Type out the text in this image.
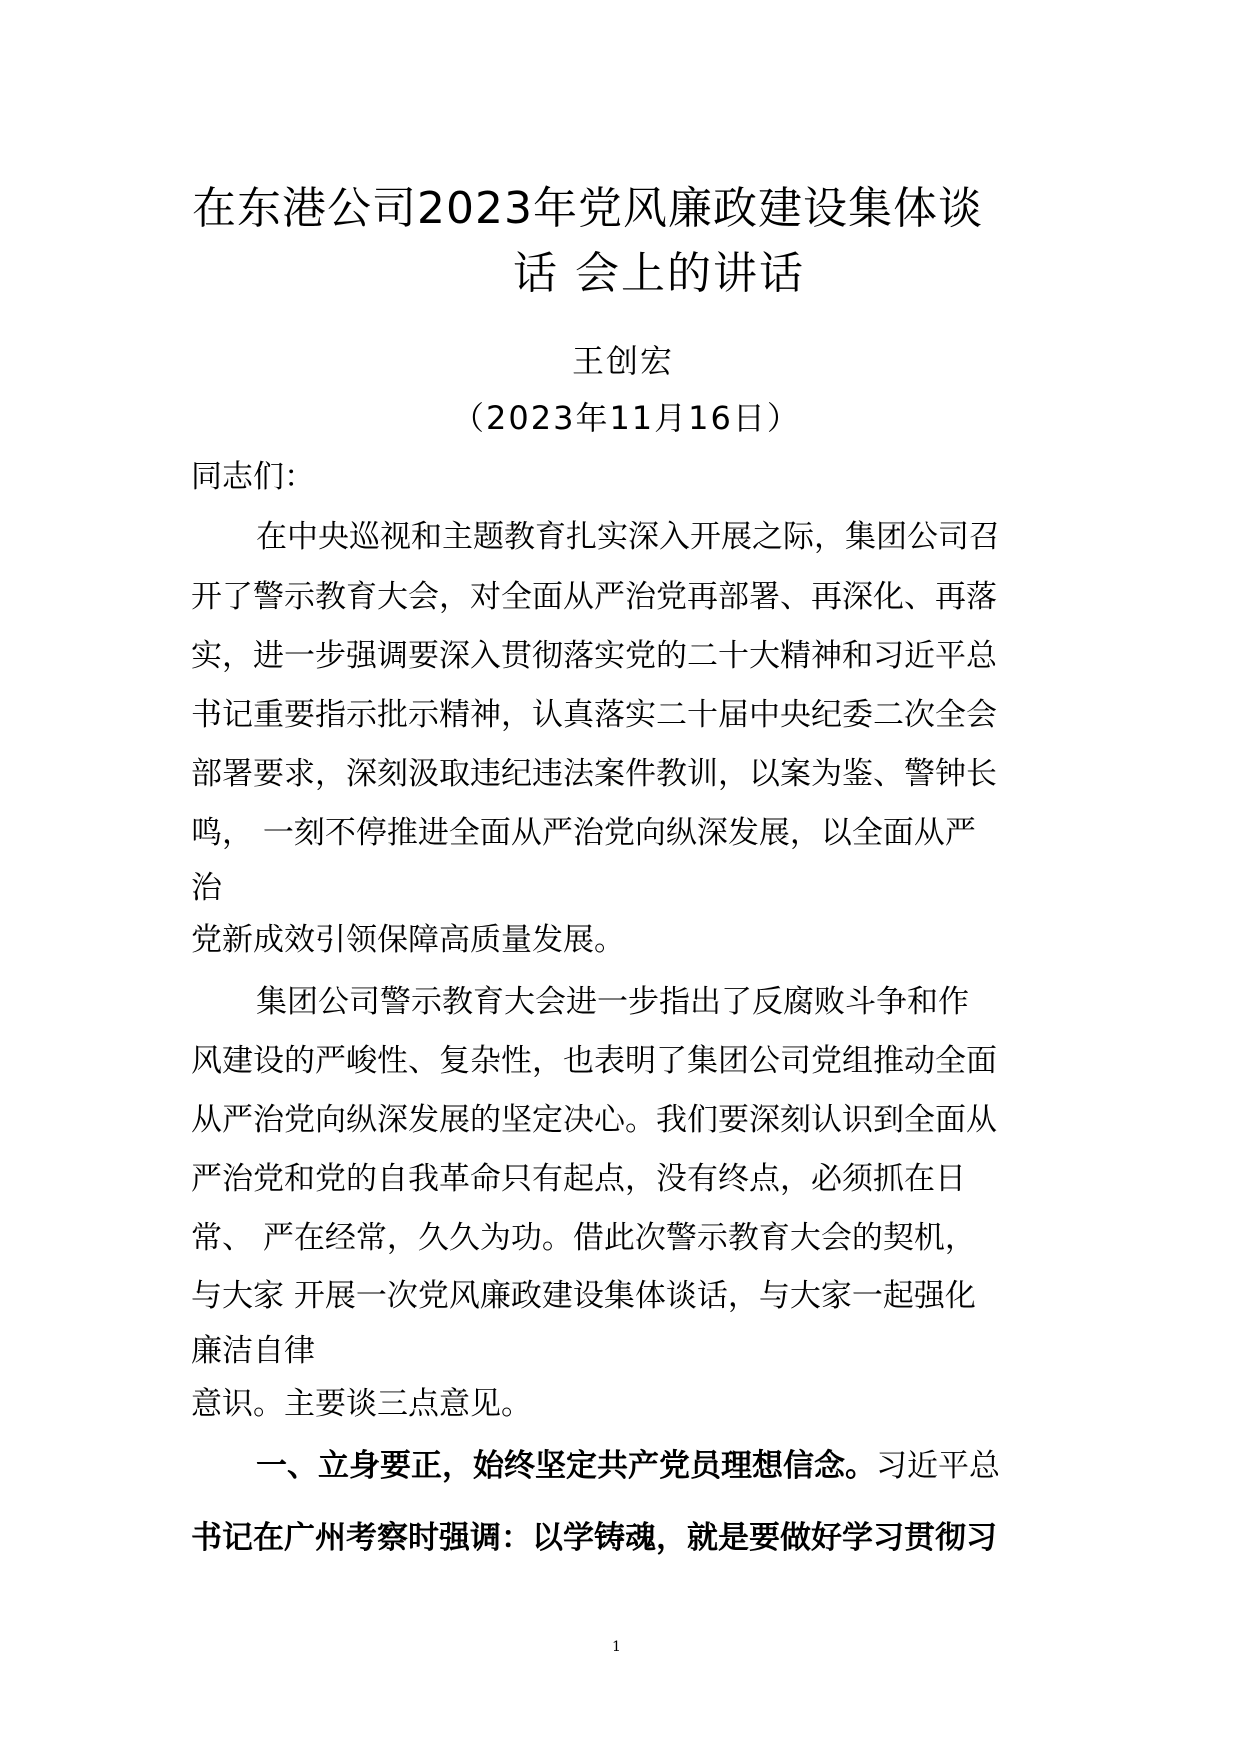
在东港公司2023年党风廉政建设集体谈
话 会上的讲话
王创宏
（2023年11月16日）
同志们：
在中央巡视和主题教育扎实深入开展之际，集团公司召
开了警示教育大会，对全面从严治党再部署、再深化、再落
实，进一步强调要深入贯彻落实党的二十大精神和习近平总
书记重要指示批示精神，认真落实二十届中央纪委二次全会
部署要求，深刻汲取违纪违法案件教训，以案为鉴、警钟长
鸣， 一刻不停推进全面从严治党向纵深发展，以全面从严
治
党新成效引领保障高质量发展。
集团公司警示教育大会进一步指出了反腐败斗争和作
风建设的严峻性、复杂性，也表明了集团公司党组推动全面
从严治党向纵深发展的坚定决心。我们要深刻认识到全面从
严治党和党的自我革命只有起点，没有终点，必须抓在日
常、 严在经常，久久为功。借此次警示教育大会的契机，
与大家 开展一次党风廉政建设集体谈话，与大家一起强化
廉洁自律
意识。主要谈三点意见。
一、立身要正，始终坚定共产党员理想信念。习近平总
书记在广州考察时强调：以学铸魂，就是要做好学习贯彻习
1
